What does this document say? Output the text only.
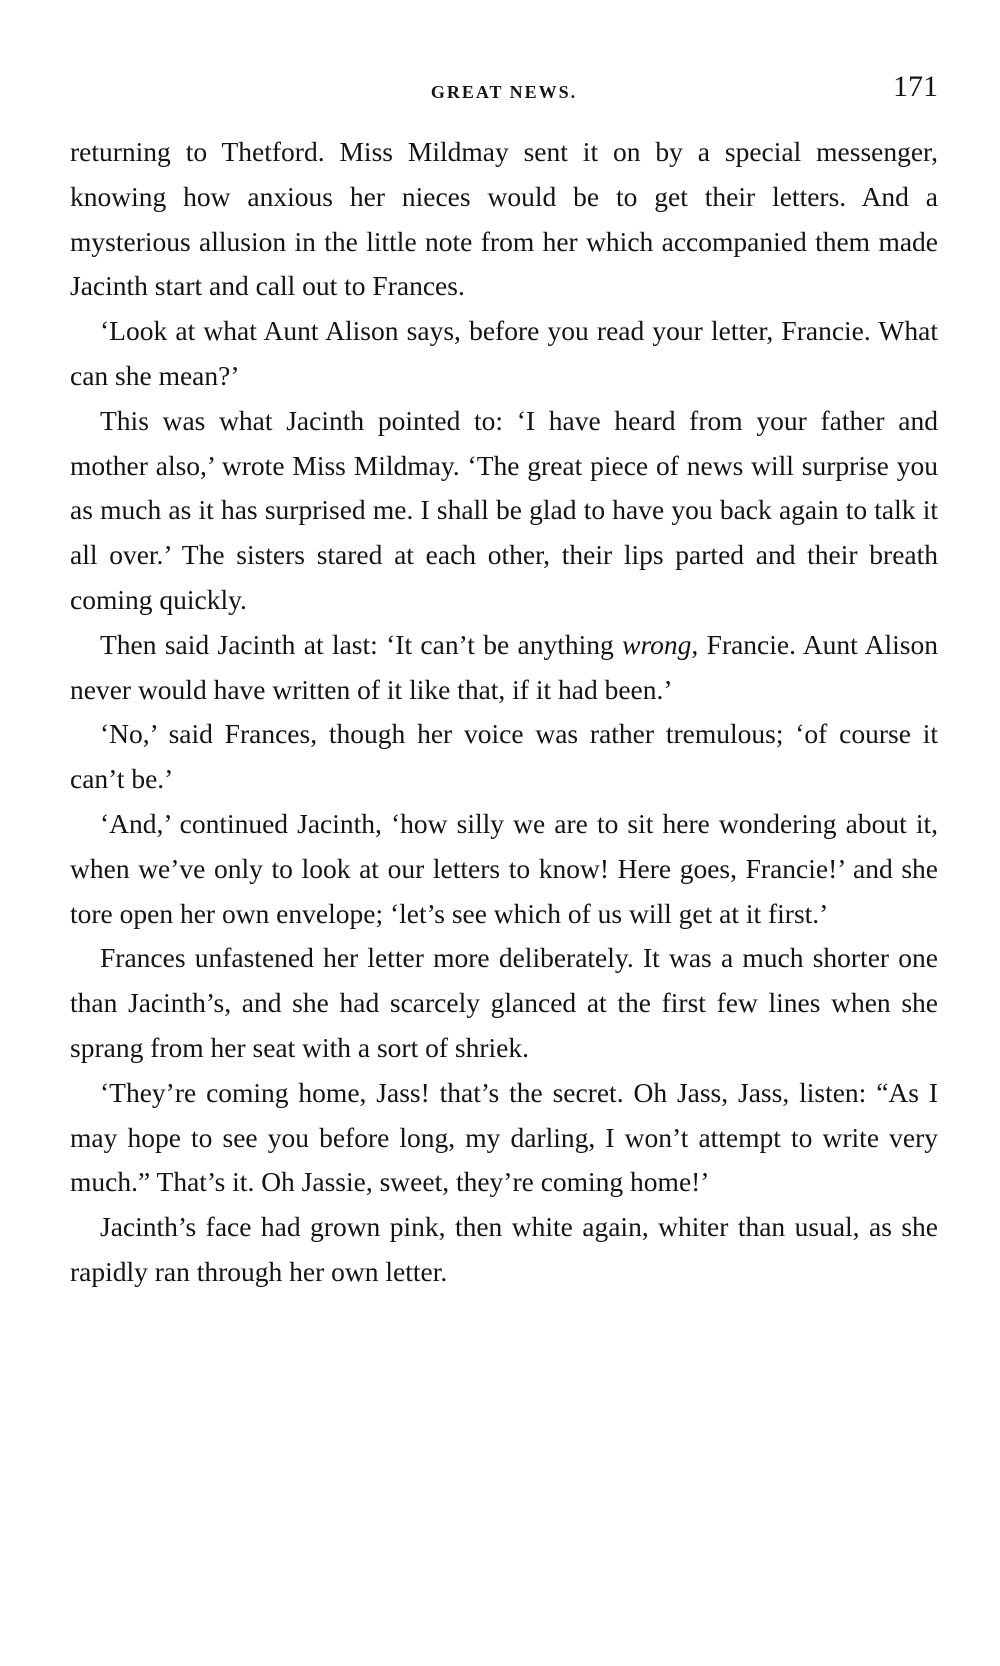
GREAT NEWS.	171

returning to Thetford. Miss Mildmay sent it on by a special messenger, knowing how anxious her nieces would be to get their letters. And a mysterious allusion in the little note from her which accompanied them made Jacinth start and call out to Frances.

‘Look at what Aunt Alison says, before you read your letter, Francie. What can she mean?’

This was what Jacinth pointed to: ‘I have heard from your father and mother also,’ wrote Miss Mildmay. ‘The great piece of news will surprise you as much as it has surprised me. I shall be glad to have you back again to talk it all over.’ The sisters stared at each other, their lips parted and their breath coming quickly.

Then said Jacinth at last: ‘It can’t be anything wrong, Francie. Aunt Alison never would have written of it like that, if it had been.’

‘No,’ said Frances, though her voice was rather tremulous; ‘of course it can’t be.’

‘And,’ continued Jacinth, ‘how silly we are to sit here wondering about it, when we’ve only to look at our letters to know! Here goes, Francie!’ and she tore open her own envelope; ‘let’s see which of us will get at it first.’

Frances unfastened her letter more deliberately. It was a much shorter one than Jacinth’s, and she had scarcely glanced at the first few lines when she sprang from her seat with a sort of shriek.

‘They’re coming home, Jass! that’s the secret. Oh Jass, Jass, listen: “As I may hope to see you before long, my darling, I won’t attempt to write very much.” That’s it. Oh Jassie, sweet, they’re coming home!’

Jacinth’s face had grown pink, then white again, whiter than usual, as she rapidly ran through her own letter.
